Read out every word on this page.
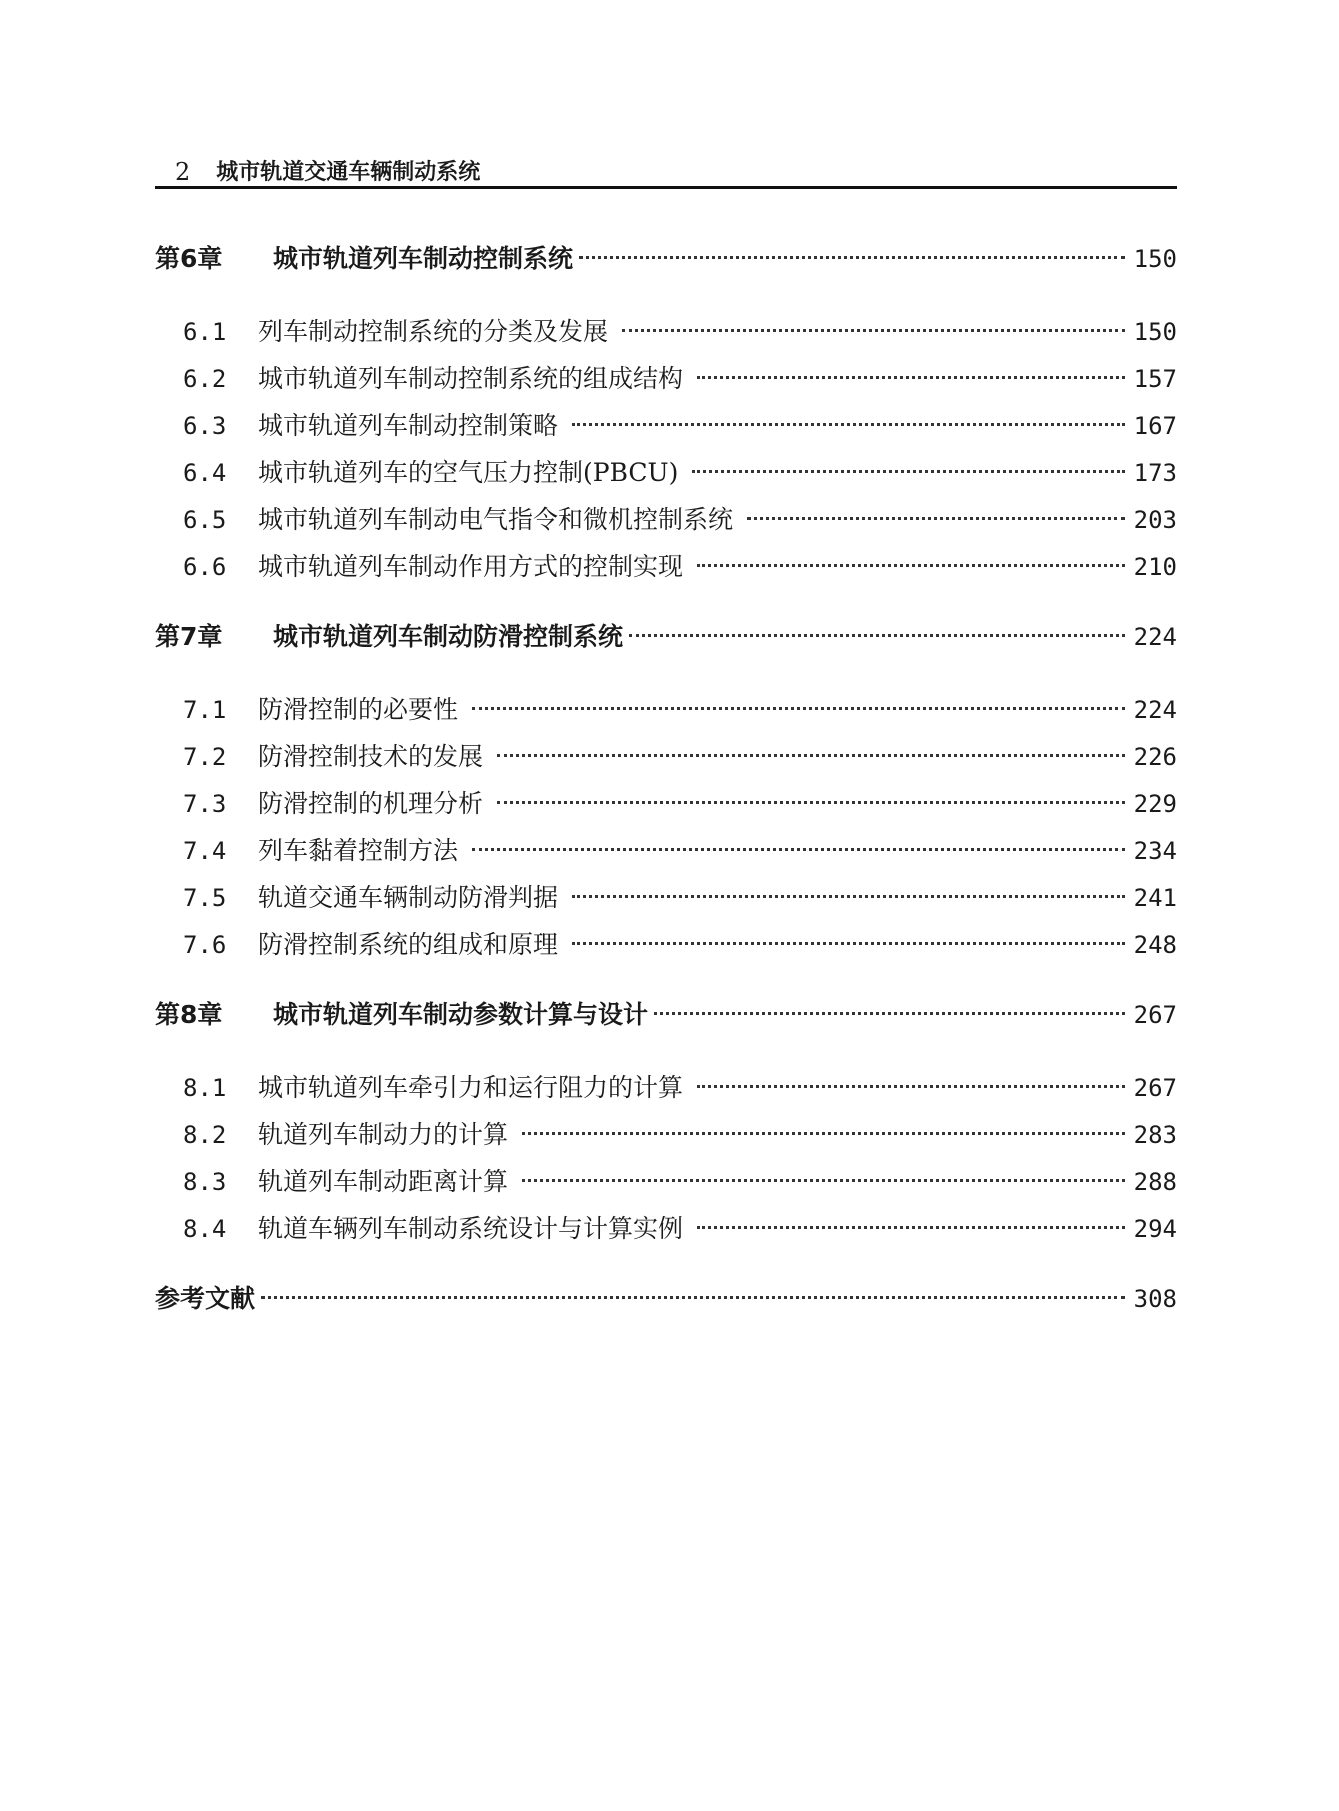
2 城市轨道交通车辆制动系统
第6章	城市轨道列车制动控制系统	150
6.1	列车制动控制系统的分类及发展	150
6.2	城市轨道列车制动控制系统的组成结构	157
6.3	城市轨道列车制动控制策略	167
6.4	城市轨道列车的空气压力控制(PBCU)	173
6.5	城市轨道列车制动电气指令和微机控制系统	203
6.6	城市轨道列车制动作用方式的控制实现	210
第7章	城市轨道列车制动防滑控制系统	224
7.1	防滑控制的必要性	224
7.2	防滑控制技术的发展	226
7.3	防滑控制的机理分析	229
7.4	列车黏着控制方法	234
7.5	轨道交通车辆制动防滑判据	241
7.6	防滑控制系统的组成和原理	248
第8章	城市轨道列车制动参数计算与设计	267
8.1	城市轨道列车牵引力和运行阻力的计算	267
8.2	轨道列车制动力的计算	283
8.3	轨道列车制动距离计算	288
8.4	轨道车辆列车制动系统设计与计算实例	294
参考文献	308
